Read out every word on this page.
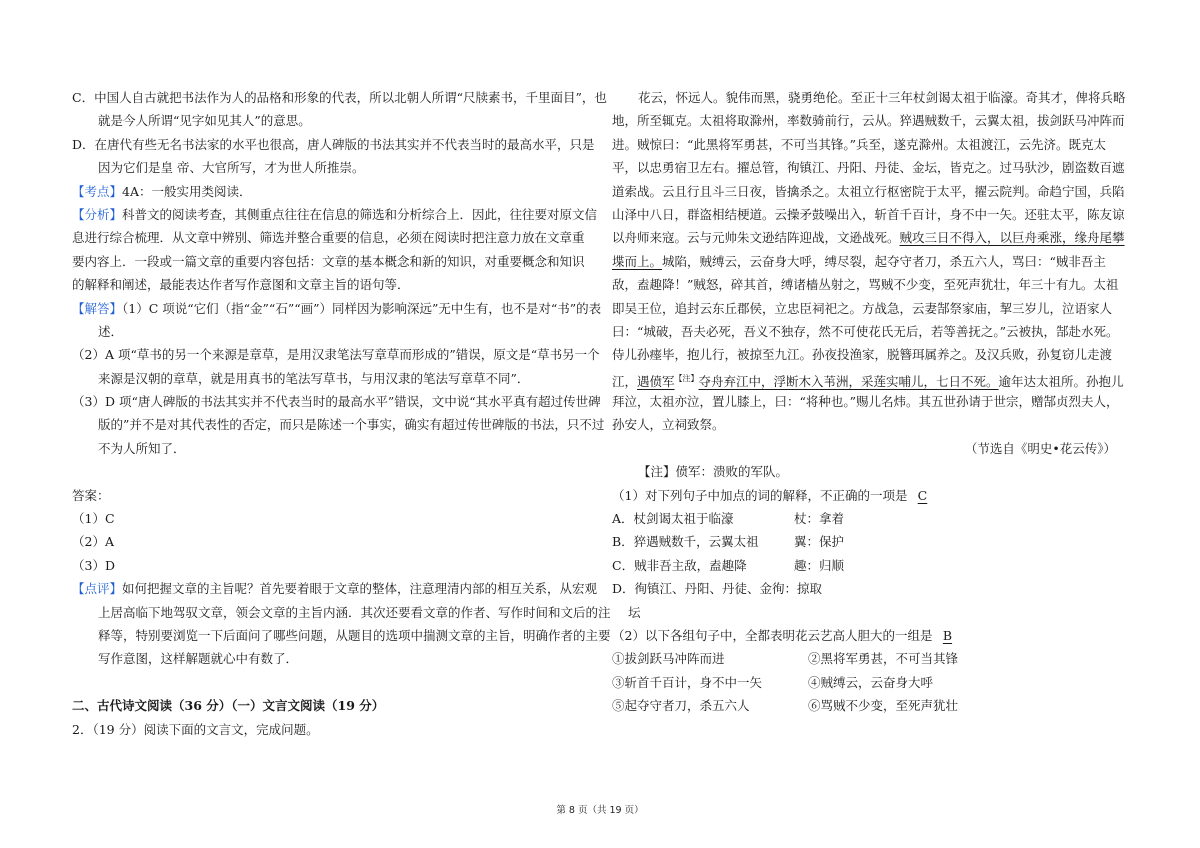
C．中国人自古就把书法作为人的品格和形象的代表，所以北朝人所谓“尺牍素书，千里面目”，也
就是今人所谓“见字如见其人”的意思。
D．在唐代有些无名书法家的水平也很高，唐人碑版的书法其实并不代表当时的最高水平，只是
因为它们是皇 帝、大官所写，才为世人所推崇。
【考点】4A：一般实用类阅读．
【分析】科普文的阅读考查，其侧重点往往在信息的筛选和分析综合上．因此，往往要对原文信
息进行综合梳理．从文章中辨别、筛选并整合重要的信息，必须在阅读时把注意力放在文章重
要内容上．一段或一篇文章的重要内容包括：文章的基本概念和新的知识，对重要概念和知识
的解释和阐述，最能表达作者写作意图和文章主旨的语句等．
【解答】（1）C 项说“它们（指“金”“石”“画”）同样因为影响深远”无中生有，也不是对“书”的表
述．
（2）A 项“草书的另一个来源是章草，是用汉隶笔法写章草而形成的”错误，原文是“草书另一个
来源是汉朝的章草，就是用真书的笔法写草书，与用汉隶的笔法写章草不同”．
（3）D 项“唐人碑版的书法其实并不代表当时的最高水平”错误，文中说“其水平真有超过传世碑
版的”并不是对其代表性的否定，而只是陈述一个事实，确实有超过传世碑版的书法，只不过
不为人所知了．
答案：
（1）C
（2）A
（3）D
【点评】如何把握文章的主旨呢？首先要着眼于文章的整体，注意理清内部的相互关系，从宏观
上居高临下地驾驭文章，领会文章的主旨内涵．其次还要看文章的作者、写作时间和文后的注
释等，特别要浏览一下后面问了哪些问题，从题目的选项中揣测文章的主旨，明确作者的主要
写作意图，这样解题就心中有数了．
二、古代诗文阅读（36 分）（一）文言文阅读（19 分）
2．（19 分）阅读下面的文言文，完成问题。
花云，怀远人。貌伟而黑，骁勇绝伦。至正十三年杖剑谒太祖于临濠。奇其才，俾将兵略
地，所至辄克。太祖将取滁州，率数骑前行，云从。猝遇贼数千，云翼太祖，拔剑跃马冲阵而
进。贼惊曰：“此黑将军勇甚，不可当其锋。”兵至，遂克滁州。太祖渡江，云先济。既克太
平，以忠勇宿卫左右。擢总管，徇镇江、丹阳、丹徒、金坛，皆克之。过马驮沙，剧盗数百遮
道索战。云且行且斗三日夜，皆擒杀之。太祖立行枢密院于太平，擢云院判。命趋宁国，兵陷
山泽中八日，群盗相结梗道。云操矛鼓噪出入，斩首千百计，身不中一矢。还驻太平，陈友谅
以舟师来寇。云与元帅朱文逊结阵迎战，文逊战死。贼攻三日不得入，以巨舟乘涨，缘舟尾攀
堞而上。城陷，贼缚云，云奋身大呼，缚尽裂，起夺守者刀，杀五六人，骂曰：“贼非吾主
敌，盍趣降！”贼怒，碎其首，缚诸樯丛射之，骂贼不少变，至死声犹壮，年三十有九。太祖
即吴王位，追封云东丘郡侯，立忠臣祠祀之。方战急，云妻郜祭家庙，挈三岁儿，泣语家人
曰：“城破，吾夫必死，吾义不独存，然不可使花氏无后，若等善抚之。”云被执，郜赴水死。
侍儿孙瘗毕，抱儿行，被掠至九江。孙夜投渔家，脱簪珥属养之。及汉兵败，孙复窃儿走渡
江，遇偾军$^{【注】}$夺舟弃江中，浮断木入苇洲，采莲实哺儿，七日不死。逾年达太祖所。孙抱儿
拜泣，太祖亦泣，置儿膝上，曰：“将种也。”赐儿名炜。其五世孙请于世宗，赠郜贞烈夫人，
孙安人，立祠致祭。
（节选自《明史•花云传》）
【注】偾军：溃败的军队。
（1）对下列句子中加点的词的解释，不正确的一项是 C
A．杖剑谒太祖于临濠	杖：拿着
B．猝遇贼数千，云翼太祖	翼：保护
C．贼非吾主敌，盍趣降	趣：归顺
D．徇镇江、丹阳、丹徒、金 徇：掠取
坛
（2）以下各组句子中，全都表明花云艺高人胆大的一组是 B
①拔剑跃马冲阵而进	②黑将军勇甚，不可当其锋
③斩首千百计，身不中一矢	④贼缚云，云奋身大呼
⑤起夺守者刀，杀五六人	⑥骂贼不少变，至死声犹壮
第 8 页（共 19 页）
